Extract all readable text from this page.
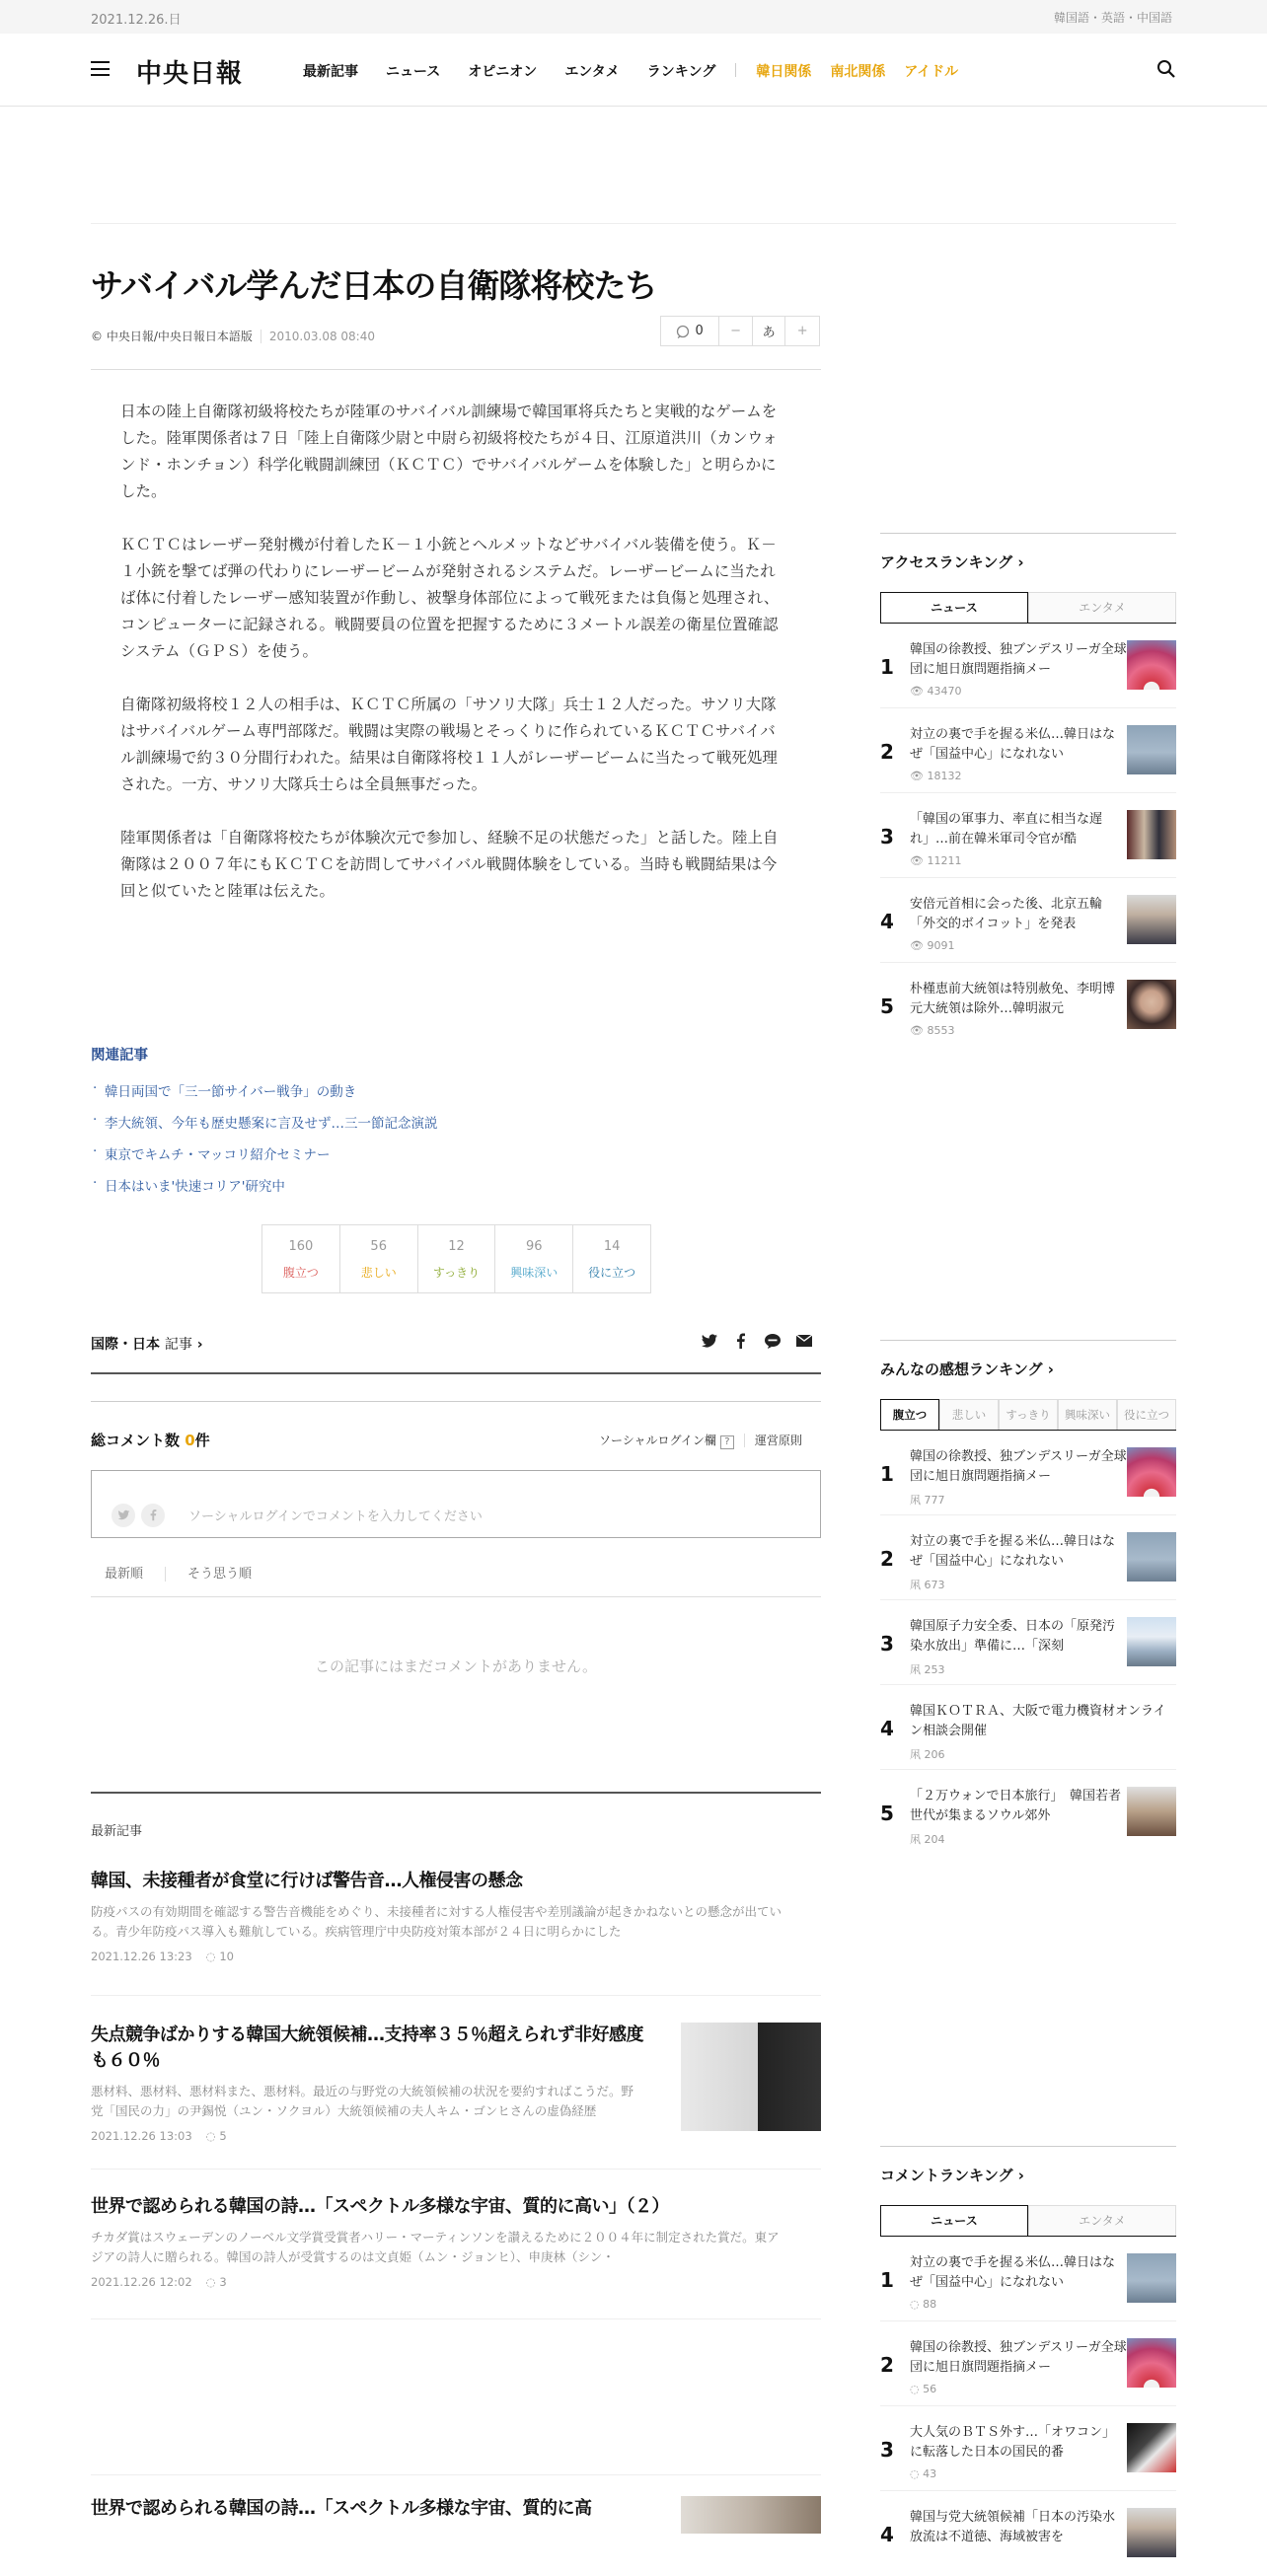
2021.12.26.日	韓国語・英語・中国語
中央日報	最新記事 ニュース オピニオン エンタメ ランキング	韓日関係 南北関係 アイドル
サバイバル学んだ日本の自衛隊将校たち
© 中央日報/中央日報日本語版 2010.03.08 08:40	0	−	あ	+

日本の陸上自衛隊初級将校たちが陸軍のサバイバル訓練場で韓国軍将兵たちと実戦的なゲームをした。陸軍関係者は７日「陸上自衛隊少尉と中尉ら初級将校たちが４日、江原道洪川（カンウォンド・ホンチョン）科学化戦闘訓練団（ＫＣＴＣ）でサバイバルゲームを体験した」と明らかにした。

ＫＣＴＣはレーザー発射機が付着したＫ－１小銃とヘルメットなどサバイバル装備を使う。Ｋ－１小銃を撃てば弾の代わりにレーザービームが発射されるシステムだ。レーザービームに当たれば体に付着したレーザー感知装置が作動し、被撃身体部位によって戦死または負傷と処理され、コンピューターに記録される。戦闘要員の位置を把握するために３メートル誤差の衛星位置確認システム（ＧＰＳ）を使う。

自衛隊初級将校１２人の相手は、ＫＣＴＣ所属の「サソリ大隊」兵士１２人だった。サソリ大隊はサバイバルゲーム専門部隊だ。戦闘は実際の戦場とそっくりに作られているＫＣＴＣサバイバル訓練場で約３０分間行われた。結果は自衛隊将校１１人がレーザービームに当たって戦死処理された。一方、サソリ大隊兵士らは全員無事だった。

陸軍関係者は「自衛隊将校たちが体験次元で参加し、経験不足の状態だった」と話した。陸上自衛隊は２００７年にもＫＣＴＣを訪問してサバイバル戦闘体験をしている。当時も戦闘結果は今回と似ていたと陸軍は伝えた。

関連記事
· 韓日両国で「三一節サイバー戦争」の動き
· 李大統領、今年も歴史懸案に言及せず…三一節記念演説
· 東京でキムチ・マッコリ紹介セミナー
· 日本はいま'快速コリア'研究中
160
腹立つ
56
悲しい
12
すっきり
96
興味深い
14
役に立つ
国際・日本 記事 ›
総コメント数 0件	ソーシャルログイン欄 ? 運営原則
ソーシャルログインでコメントを入力してください
最新順	そう思う順
この記事にはまだコメントがありません。
最新記事
韓国、未接種者が食堂に行けば警告音…人権侵害の懸念

防疫パスの有効期間を確認する警告音機能をめぐり、未接種者に対する人権侵害や差別議論が起きかねないとの懸念が出ている。青少年防疫パス導入も難航している。疾病管理庁中央防疫対策本部が２４日に明らかにした

2021.12.26 13:23 ◌ 10
失点競争ばかりする韓国大統領候補…支持率３５％超えられず非好感度も６０％

悪材料、悪材料、悪材料また、悪材料。最近の与野党の大統領候補の状況を要約すればこうだ。野党「国民の力」の尹錫悦（ユン・ソクヨル）大統領候補の夫人キム・ゴンヒさんの虚偽経歴

2021.12.26 13:03 ◌ 5
世界で認められる韓国の詩…「スペクトル多様な宇宙、質的に高い」（２）

チカダ賞はスウェーデンのノーベル文学賞受賞者ハリー・マーティンソンを讃えるために２００４年に制定された賞だ。東アジアの詩人に贈られる。韓国の詩人が受賞するのは文貞姫（ムン・ジョンヒ）、申庚林（シン・

2021.12.26 12:02 ◌ 3
世界で認められる韓国の詩…「スペクトル多様な宇宙、質的に高
アクセスランキング ›
ニュース	エンタメ
1
韓国の徐教授、独ブンデスリーガ全球団に旭日旗問題指摘メー
👁 43470
2
対立の裏で手を握る米仏…韓日はなぜ「国益中心」になれない
👁 18132
3
「韓国の軍事力、率直に相当な遅れ」…前在韓米軍司令官が酷
👁 11211
4
安倍元首相に会った後、北京五輪「外交的ボイコット」を発表
👁 9091
5
朴槿恵前大統領は特別赦免、李明博元大統領は除外…韓明淑元
👁 8553
みんなの感想ランキング ›
腹立つ	悲しい	すっきり	興味深い	役に立つ
1
韓国の徐教授、独ブンデスリーガ全球団に旭日旗問題指摘メー
凩 777
2
対立の裏で手を握る米仏…韓日はなぜ「国益中心」になれない
凩 673
3
韓国原子力安全委、日本の「原発汚染水放出」準備に…「深刻
凩 253
4
韓国ＫＯＴＲＡ、大阪で電力機資材オンライン相談会開催
凩 206
5
「２万ウォンで日本旅行」　韓国若者世代が集まるソウル郊外
凩 204
コメントランキング ›
ニュース	エンタメ
1
対立の裏で手を握る米仏…韓日はなぜ「国益中心」になれない
◌ 88
2
韓国の徐教授、独ブンデスリーガ全球団に旭日旗問題指摘メー
◌ 56
3
大人気のＢＴＳ外す…「オワコン」に転落した日本の国民的番
◌ 43
4
韓国与党大統領候補「日本の汚染水放流は不道徳、海域被害を
